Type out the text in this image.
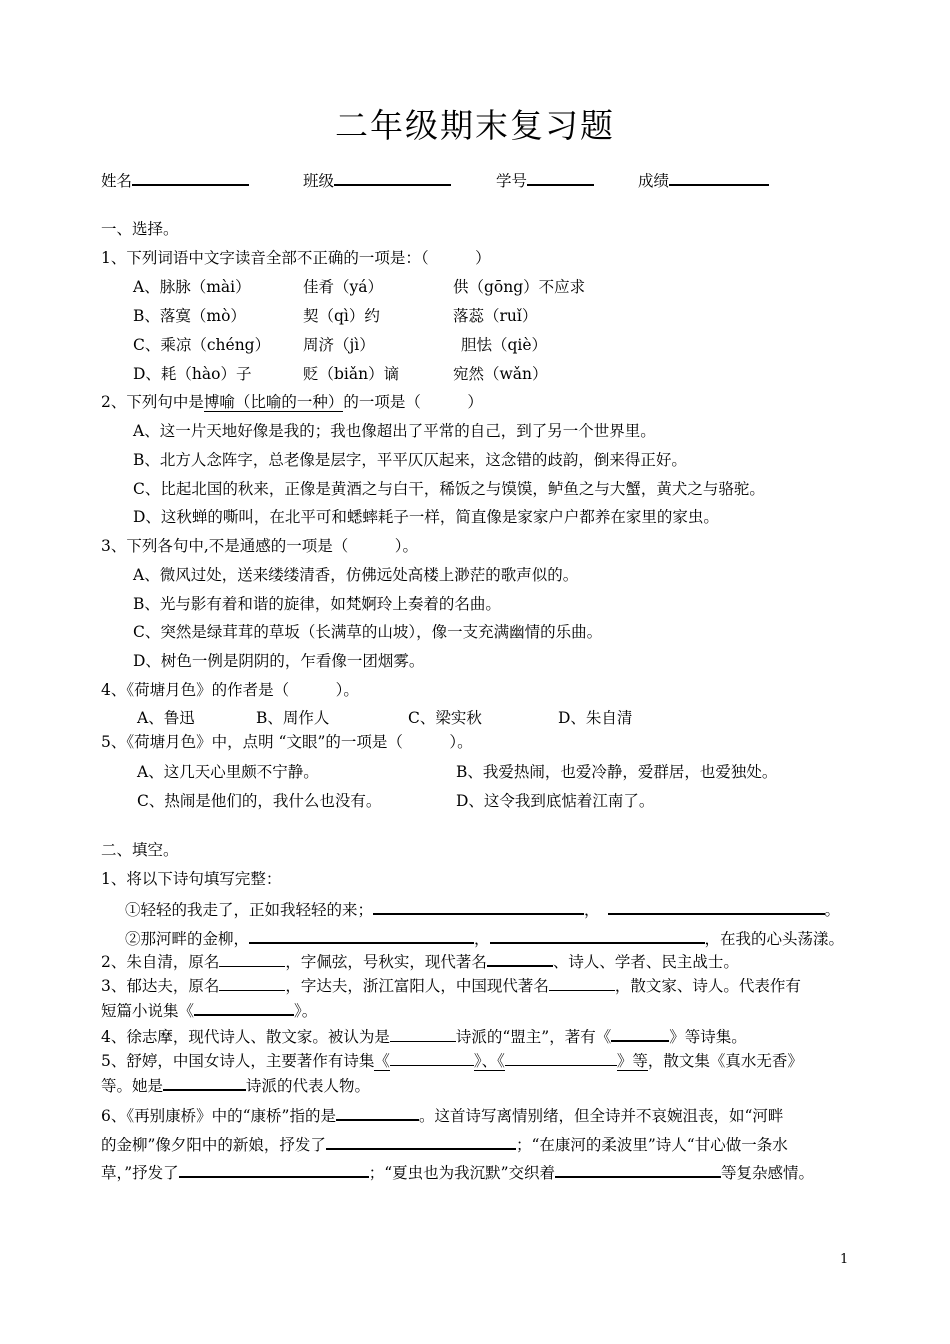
二年级期末复习题
姓名	班级	学号	成绩
一、选择。
1、下列词语中文字读音全部不正确的一项是：（　　　）
A、脉脉（mài）	佳肴（yá）	供（gōng）不应求
B、落寞（mò）	契（qì）约	落蕊（ruǐ）
C、乘凉（chéng） 周济（jì）	胆怯（qiè）
D、耗（hào）子	贬（biǎn）谪	宛然（wǎn）
2、下列句中是博喻（比喻的一种）的一项是（　　　）
A、这一片天地好像是我的；我也像超出了平常的自己，到了另一个世界里。
B、北方人念阵字，总老像是层字，平平仄仄起来，这念错的歧韵，倒来得正好。
C、比起北国的秋来，正像是黄酒之与白干，稀饭之与馍馍，鲈鱼之与大蟹，黄犬之与骆驼。
D、这秋蝉的嘶叫，在北平可和蟋蟀耗子一样，简直像是家家户户都养在家里的家虫。
3、下列各句中,不是通感的一项是（　　　）。
A、微风过处，送来缕缕清香，仿佛远处高楼上渺茫的歌声似的。
B、光与影有着和谐的旋律，如梵婀玲上奏着的名曲。
C、突然是绿茸茸的草坂（长满草的山坡），像一支充满幽情的乐曲。
D、树色一例是阴阴的，乍看像一团烟雾。
4、《荷塘月色》的作者是（　　　）。
A、鲁迅	B、周作人	C、梁实秋	D、朱自清
5、《荷塘月色》中，点明 “文眼”的一项是（　　　）。
A、这几天心里颇不宁静。	B、我爱热闹，也爱冷静，爱群居，也爱独处。
C、热闹是他们的，我什么也没有。	D、这令我到底惦着江南了。
二、填空。
1、将以下诗句填写完整：
①轻轻的我走了，正如我轻轻的来；	，	。
②那河畔的金柳，	，	，在我的心头荡漾。
2、朱自清，原名	，字佩弦，号秋实，现代著名	、诗人、学者、民主战士。
3、郁达夫，原名	，字达夫，浙江富阳人，中国现代著名	，散文家、诗人。代表作有
短篇小说集《	》。
4、徐志摩，现代诗人、散文家。被认为是	诗派的“盟主”，著有《	》等诗集。
5、舒婷，中国女诗人，主要著作有诗集《	》、《	》等，散文集《真水无香》
等。她是	诗派的代表人物。
6、《再别康桥》中的“康桥”指的是	。这首诗写离情别绪，但全诗并不哀婉沮丧，如“河畔
的金柳”像夕阳中的新娘，抒发了	；“在康河的柔波里”诗人“甘心做一条水
草，”抒发了	；“夏虫也为我沉默”交织着	等复杂感情。
1
